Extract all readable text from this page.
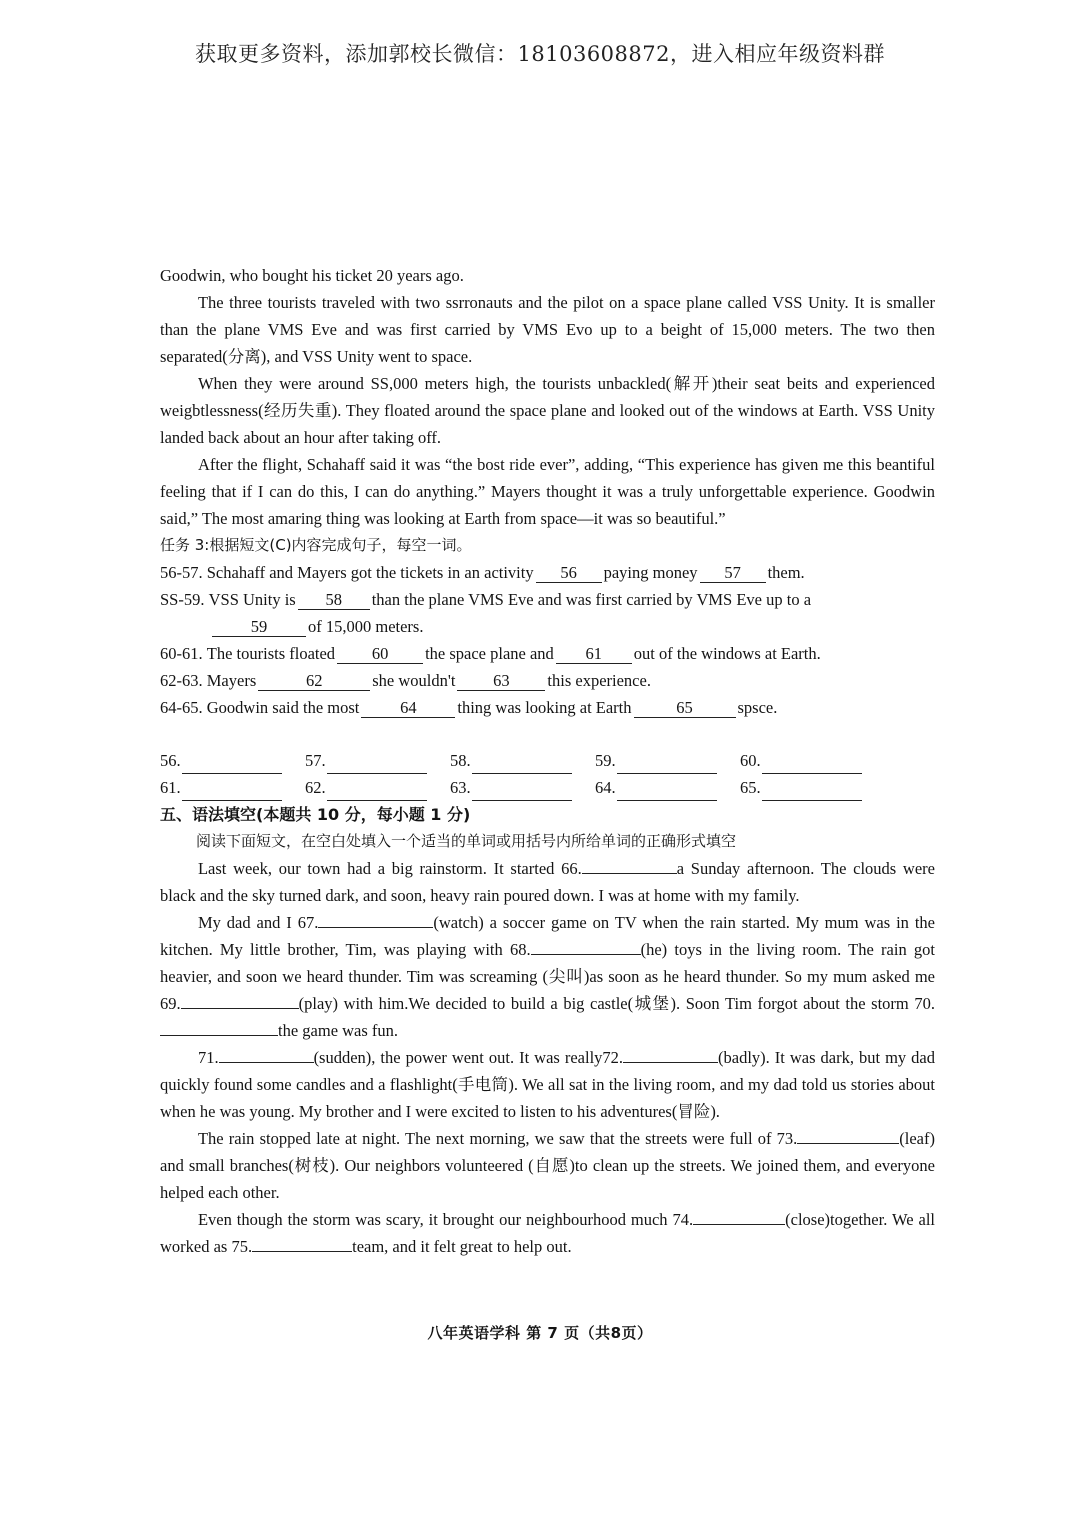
获取更多资料，添加郭校长微信：18103608872，进入相应年级资料群

Goodwin, who bought his ticket 20 years ago.

The three tourists traveled with two ssrronauts and the pilot on a space plane called VSS Unity. It is smaller than the plane VMS Eve and was first carried by VMS Evo up to a beight of 15,000 meters. The two then separated(分离), and VSS Unity went to space.

When they were around SS,000 meters high, the tourists unbackled(解开)their seat beits and experienced weigbtlessness(经历失重). They floated around the space plane and looked out of the windows at Earth. VSS Unity landed back about an hour after taking off.

After the flight, Schahaff said it was “the bost ride ever”, adding, “This experience has given me this beantiful feeling that if I can do this, I can do anything.” Mayers thought it was a truly unforgettable experience. Goodwin said,” The most amaring thing was looking at Earth from space—it was so beautiful.”

任务 3:根据短文(C)内容完成句子，每空一词。

56-57.
Schahaff and Mayers got the tickets in an activity	56	paying money	57	them.
SS-59.
VSS Unity is	58	than the plane VMS Eve and was first carried by VMS Eve up to a
59	of 15,000 meters.
60-61.
The tourists floated	60	the space plane and	61	out of the windows at Earth.
62-63.
Mayers	62	she wouldn't	63	this experience.
64-65.
Goodwin said the most	64	thing was looking at Earth	65	spsce.
56.	57.	58.	59.	60.
61.	62.	63.	64.	65.

五、语法填空(本题共 10 分，每小题 1 分)

阅读下面短文，在空白处填入一个适当的单词或用括号内所给单词的正确形式填空

Last week, our town had a big rainstorm. It started 66.	a Sunday afternoon. The clouds were black and the sky turned dark, and soon, heavy rain poured down. I was at home with my family.

My dad and I 67.	(watch) a soccer game on TV when the rain started. My mum was in the kitchen. My little brother, Tim, was playing with 68.	(he) toys in the living room. The rain got heavier, and soon we heard thunder. Tim was screaming (尖叫)as soon as he heard thunder. So my mum asked me 69.	(play) with him.We decided to build a big castle(城堡). Soon Tim forgot about the storm 70.the game was fun.

71.	(sudden), the power went out. It was really72.	(badly). It was dark, but my dad quickly found some candles and a flashlight(手电筒). We all sat in the living room, and my dad told us stories about when he was young. My brother and I were excited to listen to his adventures(冒险).

The rain stopped late at night. The next morning, we saw that the streets were full of 73.	(leaf) and small branches(树枝). Our neighbors volunteered (自愿)to clean up the streets. We joined them, and everyone helped each other.

Even though the storm was scary, it brought our neighbourhood much 74.	(close)together. We all worked as 75.	team, and it felt great to help out.

八年英语学科 第 7 页（共8页）
